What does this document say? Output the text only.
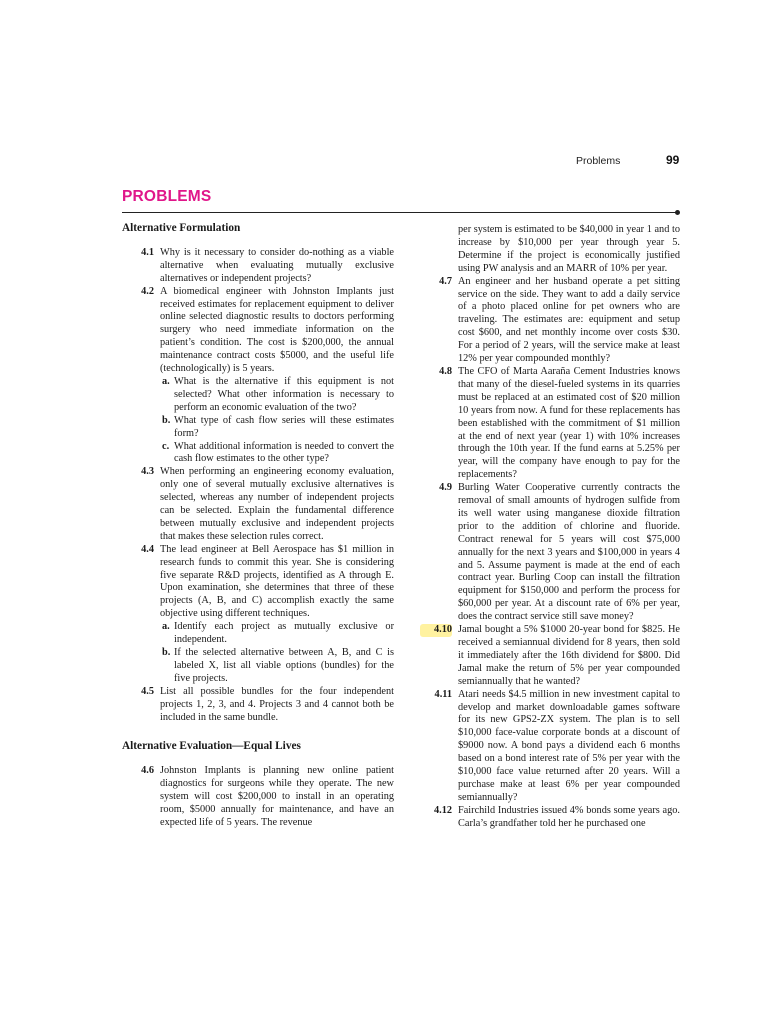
Problems	99
PROBLEMS
Alternative Formulation
4.1 Why is it necessary to consider do-nothing as a viable alternative when evaluating mutually exclusive alternatives or independent projects?
4.2 A biomedical engineer with Johnston Implants just received estimates for replacement equipment to deliver online selected diagnostic results to doctors performing surgery who need immediate information on the patient’s condition. The cost is $200,000, the annual maintenance contract costs $5000, and the useful life (technologically) is 5 years.
a. What is the alternative if this equipment is not selected? What other information is necessary to perform an economic evaluation of the two?
b. What type of cash flow series will these estimates form?
c. What additional information is needed to convert the cash flow estimates to the other type?
4.3 When performing an engineering economy evaluation, only one of several mutually exclusive alternatives is selected, whereas any number of independent projects can be selected. Explain the fundamental difference between mutually exclusive and independent projects that makes these selection rules correct.
4.4 The lead engineer at Bell Aerospace has $1 million in research funds to commit this year. She is considering five separate R&D projects, identified as A through E. Upon examination, she determines that three of these projects (A, B, and C) accomplish exactly the same objective using different techniques.
a. Identify each project as mutually exclusive or independent.
b. If the selected alternative between A, B, and C is labeled X, list all viable options (bundles) for the five projects.
4.5 List all possible bundles for the four independent projects 1, 2, 3, and 4. Projects 3 and 4 cannot both be included in the same bundle.
Alternative Evaluation—Equal Lives
4.6 Johnston Implants is planning new online patient diagnostics for surgeons while they operate. The new system will cost $200,000 to install in an operating room, $5000 annually for maintenance, and have an expected life of 5 years. The revenue
per system is estimated to be $40,000 in year 1 and to increase by $10,000 per year through year 5. Determine if the project is economically justified using PW analysis and an MARR of 10% per year.
4.7 An engineer and her husband operate a pet sitting service on the side. They want to add a daily service of a photo placed online for pet owners who are traveling. The estimates are: equipment and setup cost $600, and net monthly income over costs $30. For a period of 2 years, will the service make at least 12% per year compounded monthly?
4.8 The CFO of Marta Aaraña Cement Industries knows that many of the diesel-fueled systems in its quarries must be replaced at an estimated cost of $20 million 10 years from now. A fund for these replacements has been established with the commitment of $1 million at the end of next year (year 1) with 10% increases through the 10th year. If the fund earns at 5.25% per year, will the company have enough to pay for the replacements?
4.9 Burling Water Cooperative currently contracts the removal of small amounts of hydrogen sulfide from its well water using manganese dioxide filtration prior to the addition of chlorine and fluoride. Contract renewal for 5 years will cost $75,000 annually for the next 3 years and $100,000 in years 4 and 5. Assume payment is made at the end of each contract year. Burling Coop can install the filtration equipment for $150,000 and perform the process for $60,000 per year. At a discount rate of 6% per year, does the contract service still save money?
4.10 Jamal bought a 5% $1000 20-year bond for $825. He received a semiannual dividend for 8 years, then sold it immediately after the 16th dividend for $800. Did Jamal make the return of 5% per year compounded semiannually that he wanted?
4.11 Atari needs $4.5 million in new investment capital to develop and market downloadable games software for its new GPS2-ZX system. The plan is to sell $10,000 face-value corporate bonds at a discount of $9000 now. A bond pays a dividend each 6 months based on a bond interest rate of 5% per year with the $10,000 face value returned after 20 years. Will a purchase make at least 6% per year compounded semiannually?
4.12 Fairchild Industries issued 4% bonds some years ago. Carla’s grandfather told her he purchased one
